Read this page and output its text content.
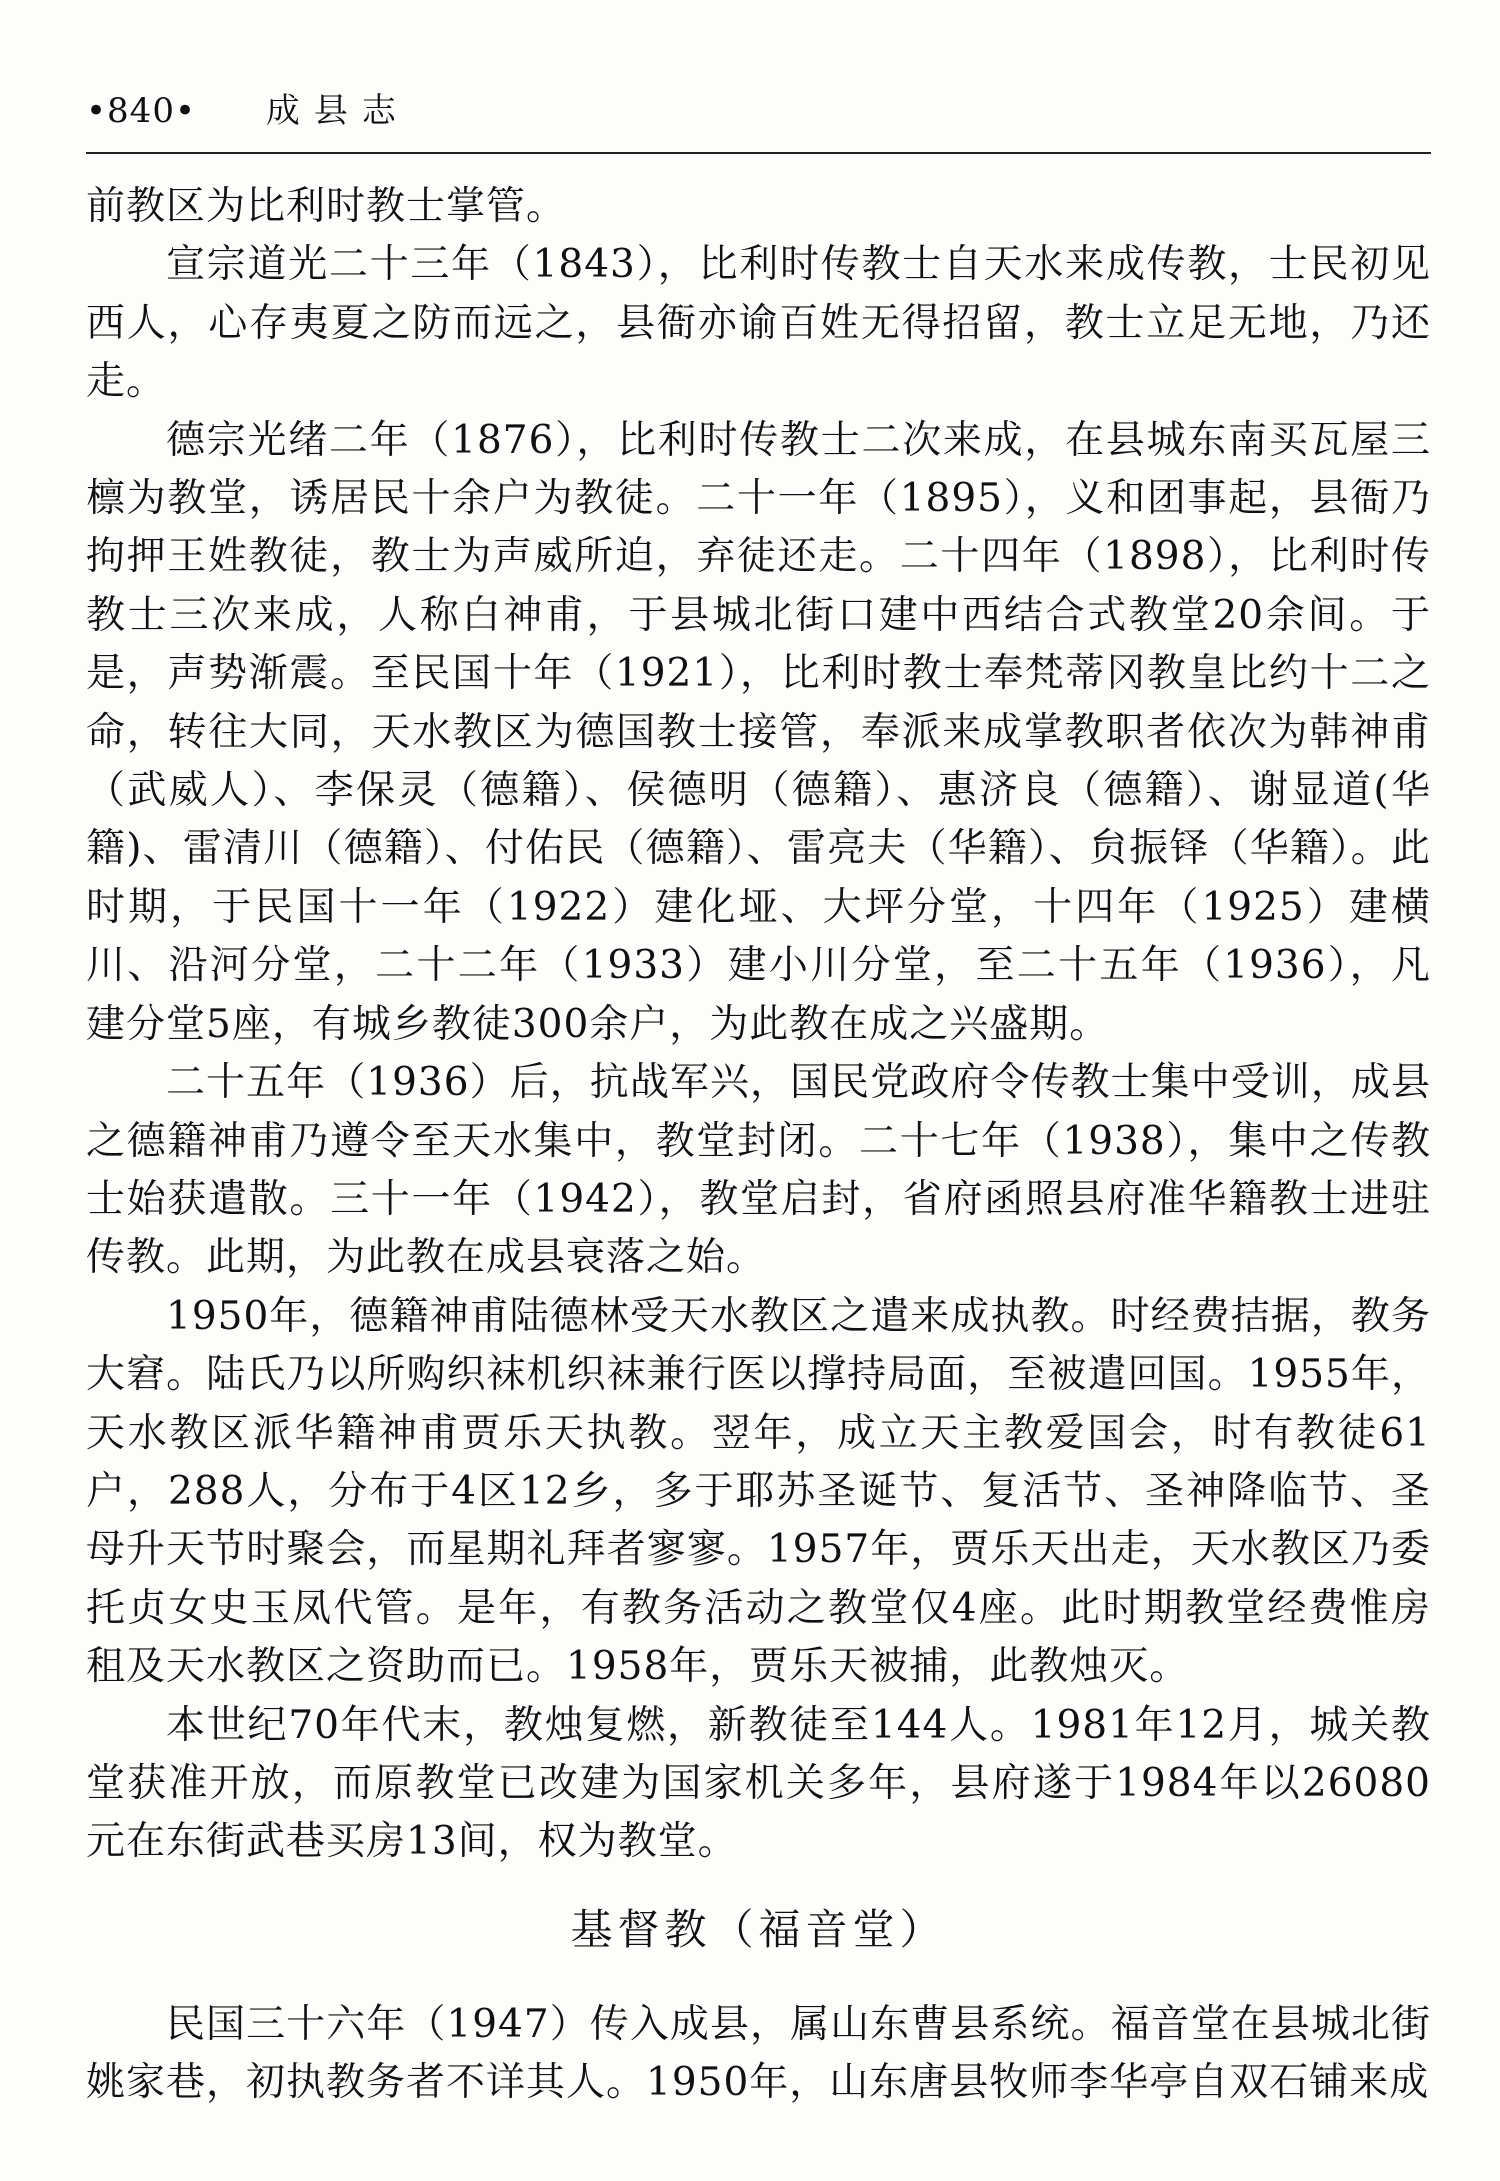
•840• 成县志

前教区为比利时教士掌管。

宣宗道光二十三年（1843），比利时传教士自天水来成传教，士民初见西人，心存夷夏之防而远之，县衙亦谕百姓无得招留，教士立足无地，乃还走。

德宗光绪二年（1876），比利时传教士二次来成，在县城东南买瓦屋三檩为教堂，诱居民十余户为教徒。二十一年（1895），义和团事起，县衙乃拘押王姓教徒，教士为声威所迫，弃徒还走。二十四年（1898），比利时传教士三次来成，人称白神甫，于县城北街口建中西结合式教堂20余间。于是，声势渐震。至民国十年（1921），比利时教士奉梵蒂冈教皇比约十二之命，转往大同，天水教区为德国教士接管，奉派来成掌教职者依次为韩神甫（武威人）、李保灵（德籍）、侯德明（德籍）、惠济良（德籍）、谢显道(华籍)、雷清川（德籍）、付佑民（德籍）、雷亮夫（华籍）、贠振铎（华籍）。此时期，于民国十一年（1922）建化垭、大坪分堂，十四年（1925）建横川、沿河分堂，二十二年（1933）建小川分堂，至二十五年（1936），凡建分堂5座，有城乡教徒300余户，为此教在成之兴盛期。

二十五年（1936）后，抗战军兴，国民党政府令传教士集中受训，成县之德籍神甫乃遵令至天水集中，教堂封闭。二十七年（1938），集中之传教士始获遣散。三十一年（1942），教堂启封，省府函照县府准华籍教士进驻传教。此期，为此教在成县衰落之始。

1950年，德籍神甫陆德林受天水教区之遣来成执教。时经费拮据，教务大窘。陆氏乃以所购织袜机织袜兼行医以撑持局面，至被遣回国。1955年，天水教区派华籍神甫贾乐天执教。翌年，成立天主教爱国会，时有教徒61户，288人，分布于4区12乡，多于耶苏圣诞节、复活节、圣神降临节、圣母升天节时聚会，而星期礼拜者寥寥。1957年，贾乐天出走，天水教区乃委托贞女史玉凤代管。是年，有教务活动之教堂仅4座。此时期教堂经费惟房租及天水教区之资助而已。1958年，贾乐天被捕，此教烛灭。

本世纪70年代末，教烛复燃，新教徒至144人。1981年12月，城关教堂获准开放，而原教堂已改建为国家机关多年，县府遂于1984年以26080元在东街武巷买房13间，权为教堂。

基督教（福音堂）

民国三十六年（1947）传入成县，属山东曹县系统。福音堂在县城北街姚家巷，初执教务者不详其人。1950年，山东唐县牧师李华亭自双石铺来成
